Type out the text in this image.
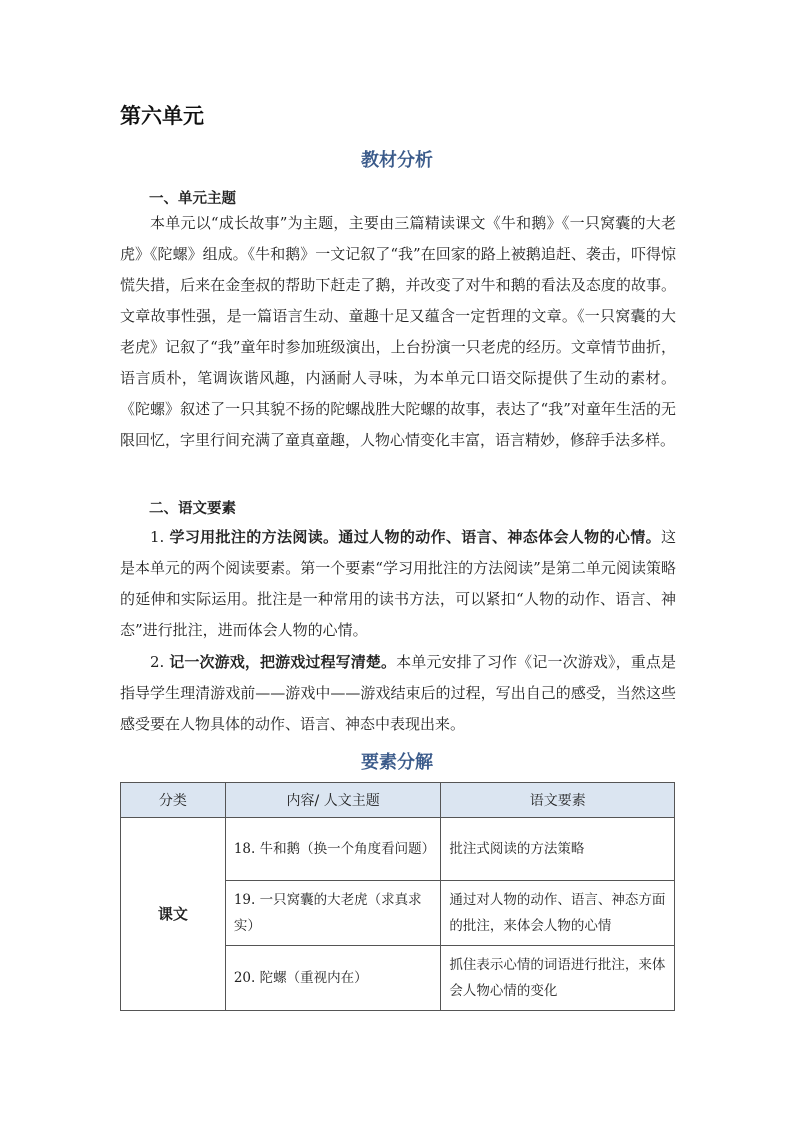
第六单元
教材分析
一、单元主题

本单元以“成长故事”为主题，主要由三篇精读课文《牛和鹅》《一只窝囊的大老虎》《陀螺》组成。《牛和鹅》一文记叙了“我”在回家的路上被鹅追赶、袭击，吓得惊慌失措，后来在金奎叔的帮助下赶走了鹅，并改变了对牛和鹅的看法及态度的故事。文章故事性强，是一篇语言生动、童趣十足又蕴含一定哲理的文章。《一只窝囊的大老虎》记叙了“我”童年时参加班级演出，上台扮演一只老虎的经历。文章情节曲折，语言质朴，笔调诙谐风趣，内涵耐人寻味，为本单元口语交际提供了生动的素材。《陀螺》叙述了一只其貌不扬的陀螺战胜大陀螺的故事，表达了“我”对童年生活的无限回忆，字里行间充满了童真童趣，人物心情变化丰富，语言精妙，修辞手法多样。

二、语文要素

1. 学习用批注的方法阅读。通过人物的动作、语言、神态体会人物的心情。这是本单元的两个阅读要素。第一个要素“学习用批注的方法阅读”是第二单元阅读策略的延伸和实际运用。批注是一种常用的读书方法，可以紧扣“人物的动作、语言、神态”进行批注，进而体会人物的心情。

2. 记一次游戏，把游戏过程写清楚。本单元安排了习作《记一次游戏》，重点是指导学生理清游戏前——游戏中——游戏结束后的过程，写出自己的感受，当然这些感受要在人物具体的动作、语言、神态中表现出来。

要素分解
分类	内容/ 人文主题	语文要素
课文	18. 牛和鹅（换一个角度看问题）	批注式阅读的方法策略
	19. 一只窝囊的大老虎（求真求实）	通过对人物的动作、语言、神态方面的批注，来体会人物的心情
	20. 陀螺（重视内在）	抓住表示心情的词语进行批注，来体会人物心情的变化
